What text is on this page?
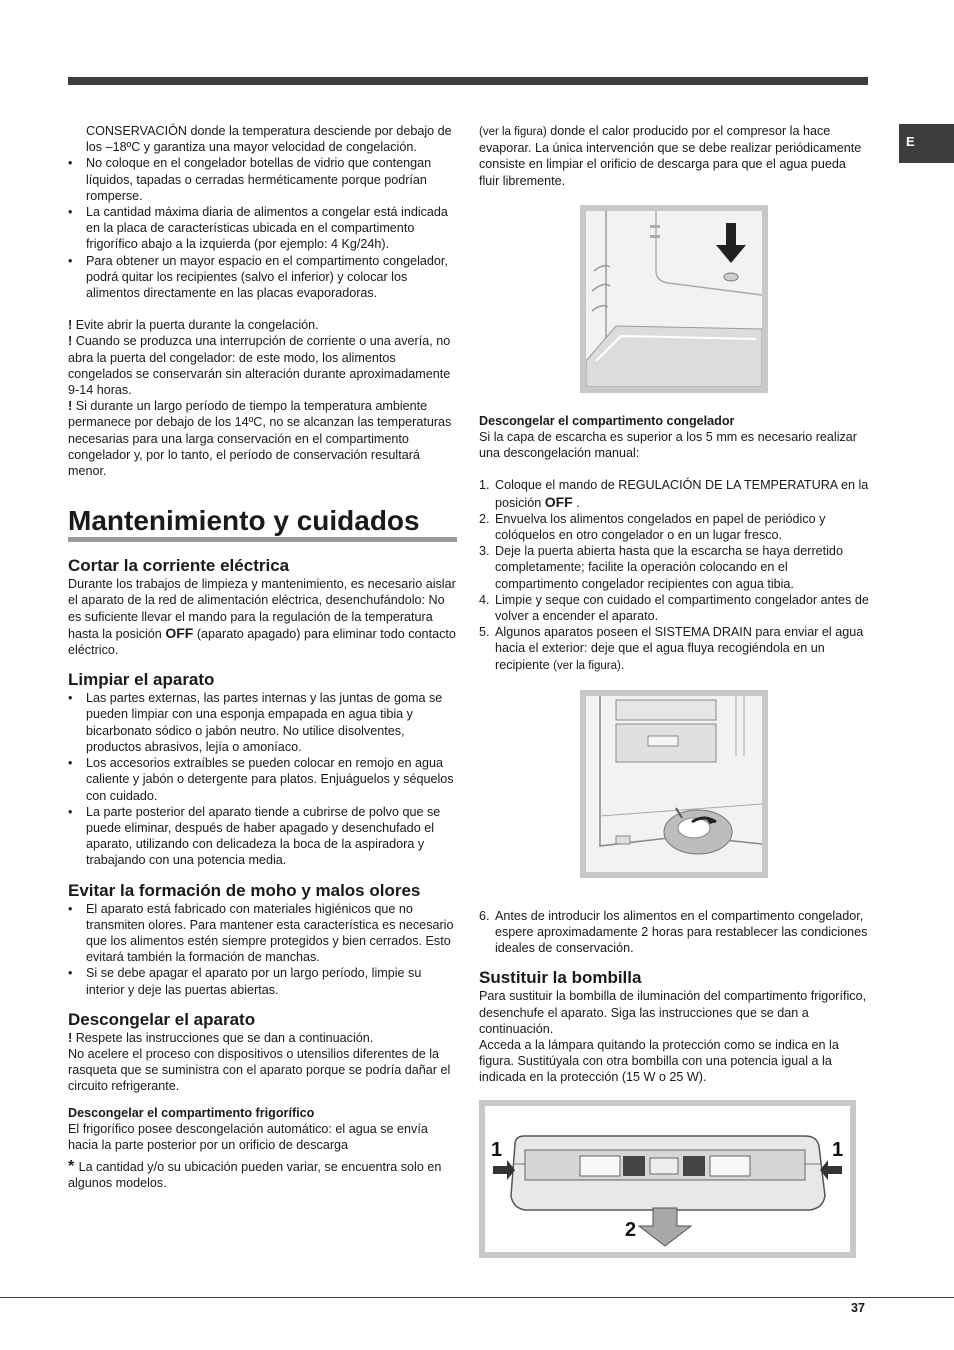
E

CONSERVACIÓN donde la temperatura desciende por debajo de los –18ºC y garantiza una mayor velocidad de congelación.

• No coloque en el congelador botellas de vidrio que contengan líquidos, tapadas o cerradas herméticamente porque podrían romperse.
• La cantidad máxima diaria de alimentos a congelar está indicada en la placa de características ubicada en el compartimento frigorífico abajo a la izquierda (por ejemplo: 4 Kg/24h).
• Para obtener un mayor espacio en el compartimento congelador, podrá quitar los recipientes (salvo el inferior) y colocar los alimentos directamente en las placas evaporadoras.

! Evite abrir la puerta durante la congelación.

! Cuando se produzca una interrupción de corriente o una avería, no abra la puerta del congelador: de este modo, los alimentos congelados se conservarán sin alteración durante aproximadamente 9-14 horas.

! Si durante un largo período de tiempo la temperatura ambiente permanece por debajo de los 14ºC, no se alcanzan las temperaturas necesarias para una larga conservación en el compartimento congelador y, por lo tanto, el período de conservación resultará menor.

Mantenimiento y cuidados
Cortar la corriente eléctrica

Durante los trabajos de limpieza y mantenimiento, es necesario aislar el aparato de la red de alimentación eléctrica, desenchufándolo: No es suficiente llevar el mando para la regulación de la temperatura hasta la posición OFF (aparato apagado) para eliminar todo contacto eléctrico.

Limpiar el aparato
• Las partes externas, las partes internas y las juntas de goma se pueden limpiar con una esponja empapada en agua tibia y bicarbonato sódico o jabón neutro. No utilice disolventes, productos abrasivos, lejía o amoníaco.
• Los accesorios extraíbles se pueden colocar en remojo en agua caliente y jabón o detergente para platos. Enjuáguelos y séquelos con cuidado.
• La parte posterior del aparato tiende a cubrirse de polvo que se puede eliminar, después de haber apagado y desenchufado el aparato, utilizando con delicadeza la boca de la aspiradora y trabajando con una potencia media.
Evitar la formación de moho y malos olores
• El aparato está fabricado con materiales higiénicos que no transmiten olores. Para mantener esta característica es necesario que los alimentos estén siempre protegidos y bien cerrados. Esto evitará también la formación de manchas.
• Si se debe apagar el aparato por un largo período, limpie su interior y deje las puertas abiertas.
Descongelar el aparato

! Respete las instrucciones que se dan a continuación.

No acelere el proceso con dispositivos o utensilios diferentes de la rasqueta que se suministra con el aparato porque se podría dañar el circuito refrigerante.

Descongelar el compartimento frigorífico

El frigorífico posee descongelación automático: el agua se envía hacia la parte posterior por un orificio de descarga

* La cantidad y/o su ubicación pueden variar, se encuentra solo en algunos modelos.

(ver la figura) donde el calor producido por el compresor la hace evaporar. La única intervención que se debe realizar periódicamente consiste en limpiar el orificio de descarga para que el agua pueda fluir libremente.

Descongelar el compartimento congelador

Si la capa de escarcha es superior a los 5 mm es necesario realizar una descongelación manual:

1. Coloque el mando de REGULACIÓN DE LA TEMPERATURA en la posición OFF .
2. Envuelva los alimentos congelados en papel de periódico y colóquelos en otro congelador o en un lugar fresco.
3. Deje la puerta abierta hasta que la escarcha se haya derretido completamente; facilite la operación colocando en el compartimento congelador recipientes con agua tibia.
4. Limpie y seque con cuidado el compartimento congelador antes de volver a encender el aparato.
5. Algunos aparatos poseen el SISTEMA DRAIN para enviar el agua hacia el exterior: deje que el agua fluya recogiéndola en un recipiente (ver la figura).
6. Antes de introducir los alimentos en el compartimento congelador, espere aproximadamente 2 horas para restablecer las condiciones ideales de conservación.
Sustituir la bombilla

Para sustituir la bombilla de iluminación del compartimento frigorífico, desenchufe el aparato. Siga las instrucciones que se dan a continuación.

Acceda a la lámpara quitando la protección como se indica en la figura. Sustitúyala con otra bombilla con una potencia igual a la indicada en la protección (15 W o 25 W).

1	1
2
37
